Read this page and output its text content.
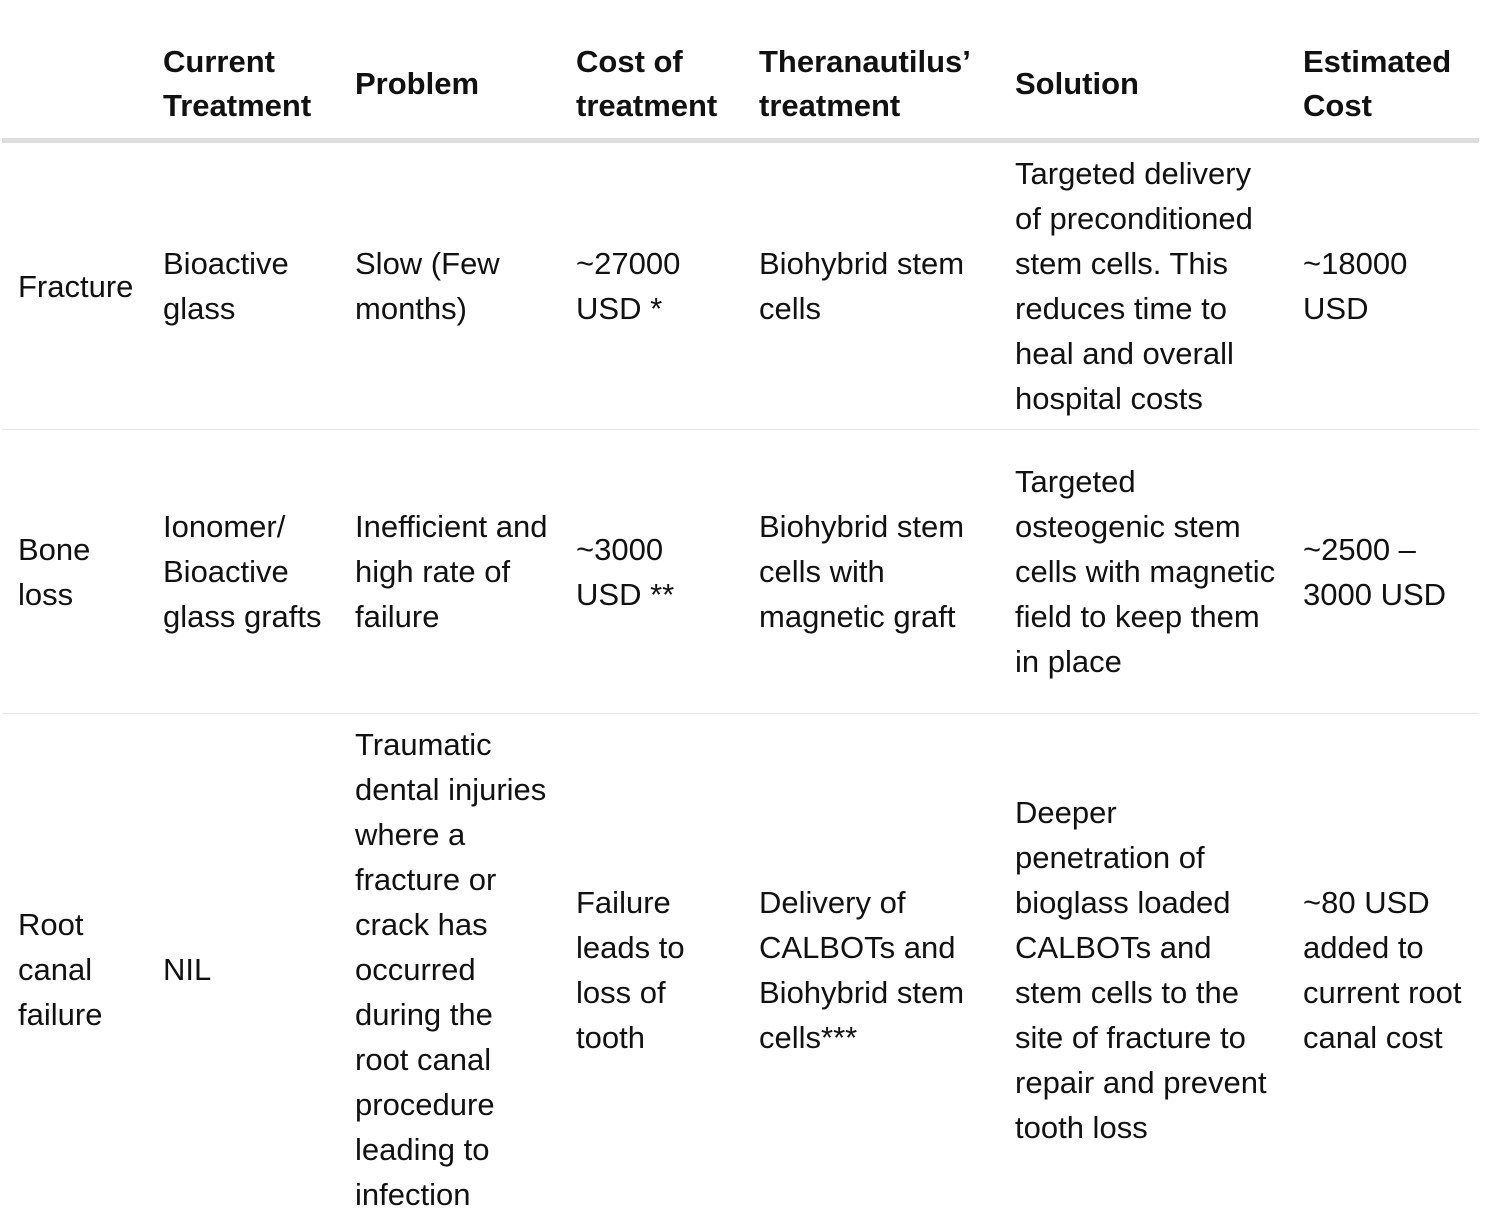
	Current Treatment	Problem	Cost of treatment	Theranautilus’ treatment	Solution	Estimated Cost
Fracture	Bioactive glass	Slow (Few months)	~27000 USD *	Biohybrid stem cells	Targeted delivery of preconditioned stem cells. This reduces time to heal and overall hospital costs	~18000 USD
Bone loss	Ionomer/ Bioactive glass grafts	Inefficient and high rate of failure	~3000 USD **	Biohybrid stem cells with magnetic graft	Targeted osteogenic stem cells with magnetic field to keep them in place	~2500 – 3000 USD
Root canal failure	NIL	Traumatic dental injuries where a fracture or crack has occurred during the root canal procedure leading to infection	Failure leads to loss of tooth	Delivery of CALBOTs and Biohybrid stem cells***	Deeper penetration of bioglass loaded CALBOTs and stem cells to the site of fracture to repair and prevent tooth loss	~80 USD added to current root canal cost
